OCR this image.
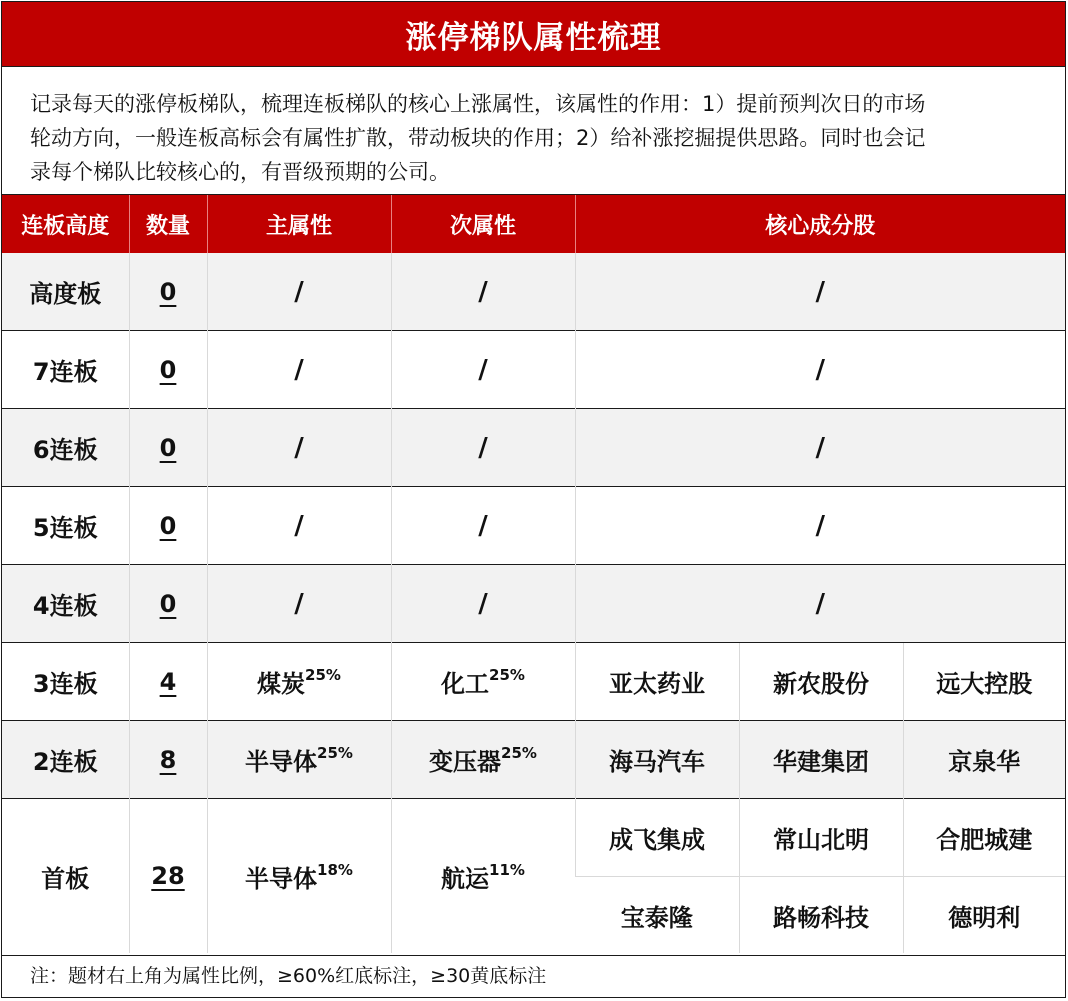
涨停梯队属性梳理
记录每天的涨停板梯队，梳理连板梯队的核心上涨属性，该属性的作用：1）提前预判次日的市场
轮动方向，一般连板高标会有属性扩散，带动板块的作用；2）给补涨挖掘提供思路。同时也会记
录每个梯队比较核心的，有晋级预期的公司。
连板高度	数量	主属性	次属性	核心成分股		
高度板	0	/	/	/		
7连板	0	/	/	/		
6连板	0	/	/	/		
5连板	0	/	/	/		
4连板	0	/	/	/		
3连板	4	煤炭$^{25\%}$	化工$^{25\%}$	亚太药业	新农股份	远大控股
2连板	8	半导体$^{25\%}$	变压器$^{25\%}$	海马汽车	华建集团	京泉华
首板	28	半导体$^{18\%}$	航运$^{11\%}$	成飞集成	常山北明	合肥城建
				宝泰隆	路畅科技	德明利
注：题材右上角为属性比例，≥60%红底标注，≥30黄底标注
